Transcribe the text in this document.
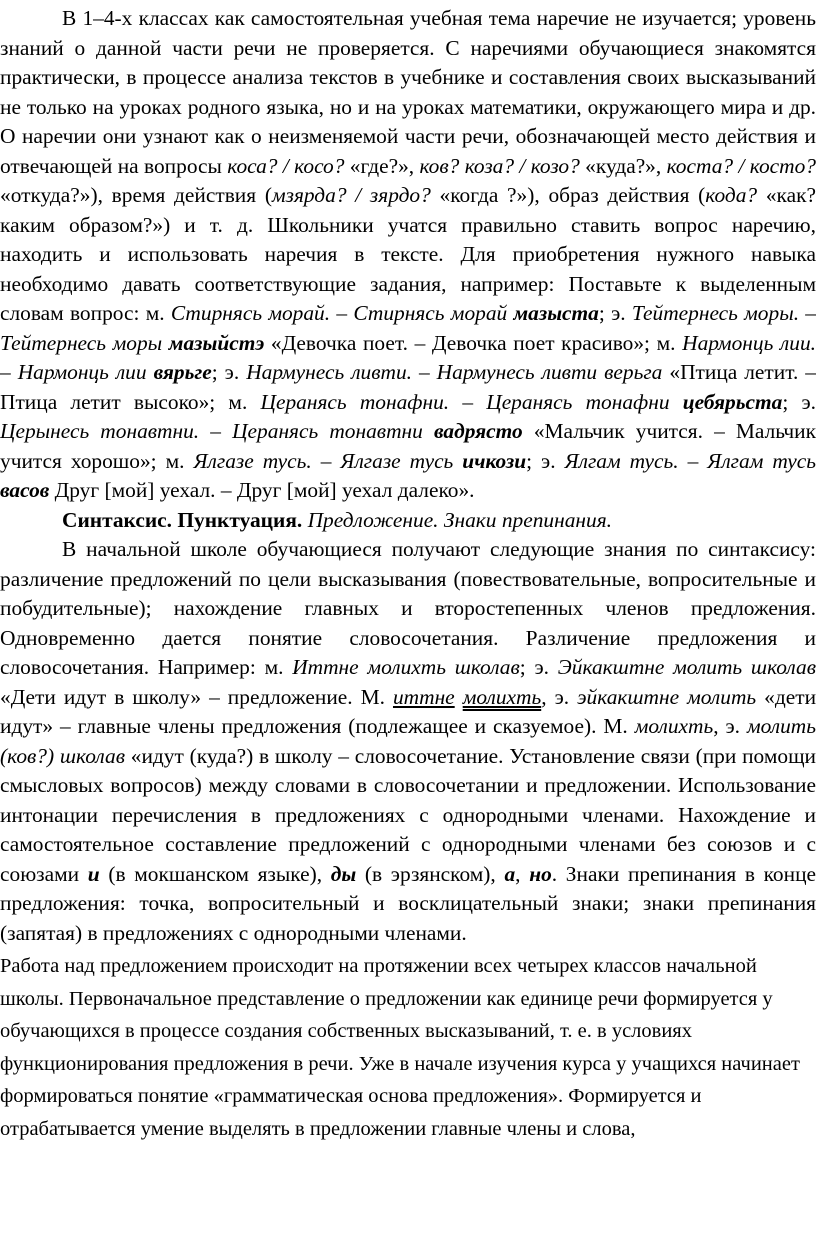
В 1–4-х классах как самостоятельная учебная тема наречие не изучается; уровень знаний о данной части речи не проверяется. С наречиями обучающиеся знакомятся практически, в процессе анализа текстов в учебнике и составления своих высказываний не только на уроках родного языка, но и на уроках математики, окружающего мира и др. О наречии они узнают как о неизменяемой части речи, обозначающей место действия и отвечающей на вопросы коса? / косо? «где?», ков? коза? / козо? «куда?», коста? / косто? «откуда?»), время действия (мзярда? / зярдо? «когда ?»), образ действия (кода? «как? каким образом?») и т. д. Школьники учатся правильно ставить вопрос наречию, находить и использовать наречия в тексте. Для приобретения нужного навыка необходимо давать соответствующие задания, например: Поставьте к выделенным словам вопрос: м. Стирнясь морай. – Стирнясь морай мазыста; э. Тейтернесь моры. – Тейтернесь моры мазыйстэ «Девочка поет. – Девочка поет красиво»; м. Нармонць лии. – Нармонць лии вярьге; э. Нармунесь ливти. – Нармунесь ливти верьга «Птица летит. – Птица летит высоко»; м. Церанясь тонафни. – Церанясь тонафни цебярьста; э. Церынесь тонавтни. – Церанясь тонавтни вадрясто «Мальчик учится. – Мальчик учится хорошо»; м. Ялгазе тусь. – Ялгазе тусь ичкози; э. Ялгам тусь. – Ялгам тусь васов Друг [мой] уехал. – Друг [мой] уехал далеко».

Синтаксис. Пунктуация. Предложение. Знаки препинания.

В начальной школе обучающиеся получают следующие знания по синтаксису: различение предложений по цели высказывания (повествовательные, вопросительные и побудительные); нахождение главных и второстепенных членов предложения. Одновременно дается понятие словосочетания. Различение предложения и словосочетания. Например: м. Иттне молихть школав; э. Эйкакштне молить школав «Дети идут в школу» – предложение. М. иттне молихть, э. эйкакштне молить «дети идут» – главные члены предложения (подлежащее и сказуемое). М. молихть, э. молить (ков?) школав «идут (куда?) в школу – словосочетание. Установление связи (при помощи смысловых вопросов) между словами в словосочетании и предложении. Использование интонации перечисления в предложениях с однородными членами. Нахождение и самостоятельное составление предложений с однородными членами без союзов и с союзами и (в мокшанском языке), ды (в эрзянском), а, но. Знаки препинания в конце предложения: точка, вопросительный и восклицательный знаки; знаки препинания (запятая) в предложениях с однородными членами.

Работа над предложением происходит на протяжении всех четырех классов начальной школы. Первоначальное представление о предложении как единице речи формируется у обучающихся в процессе создания собственных высказываний, т. е. в условиях функционирования предложения в речи. Уже в начале изучения курса у учащихся начинает формироваться понятие «грамматическая основа предложения». Формируется и отрабатывается умение выделять в предложении главные члены и слова,
